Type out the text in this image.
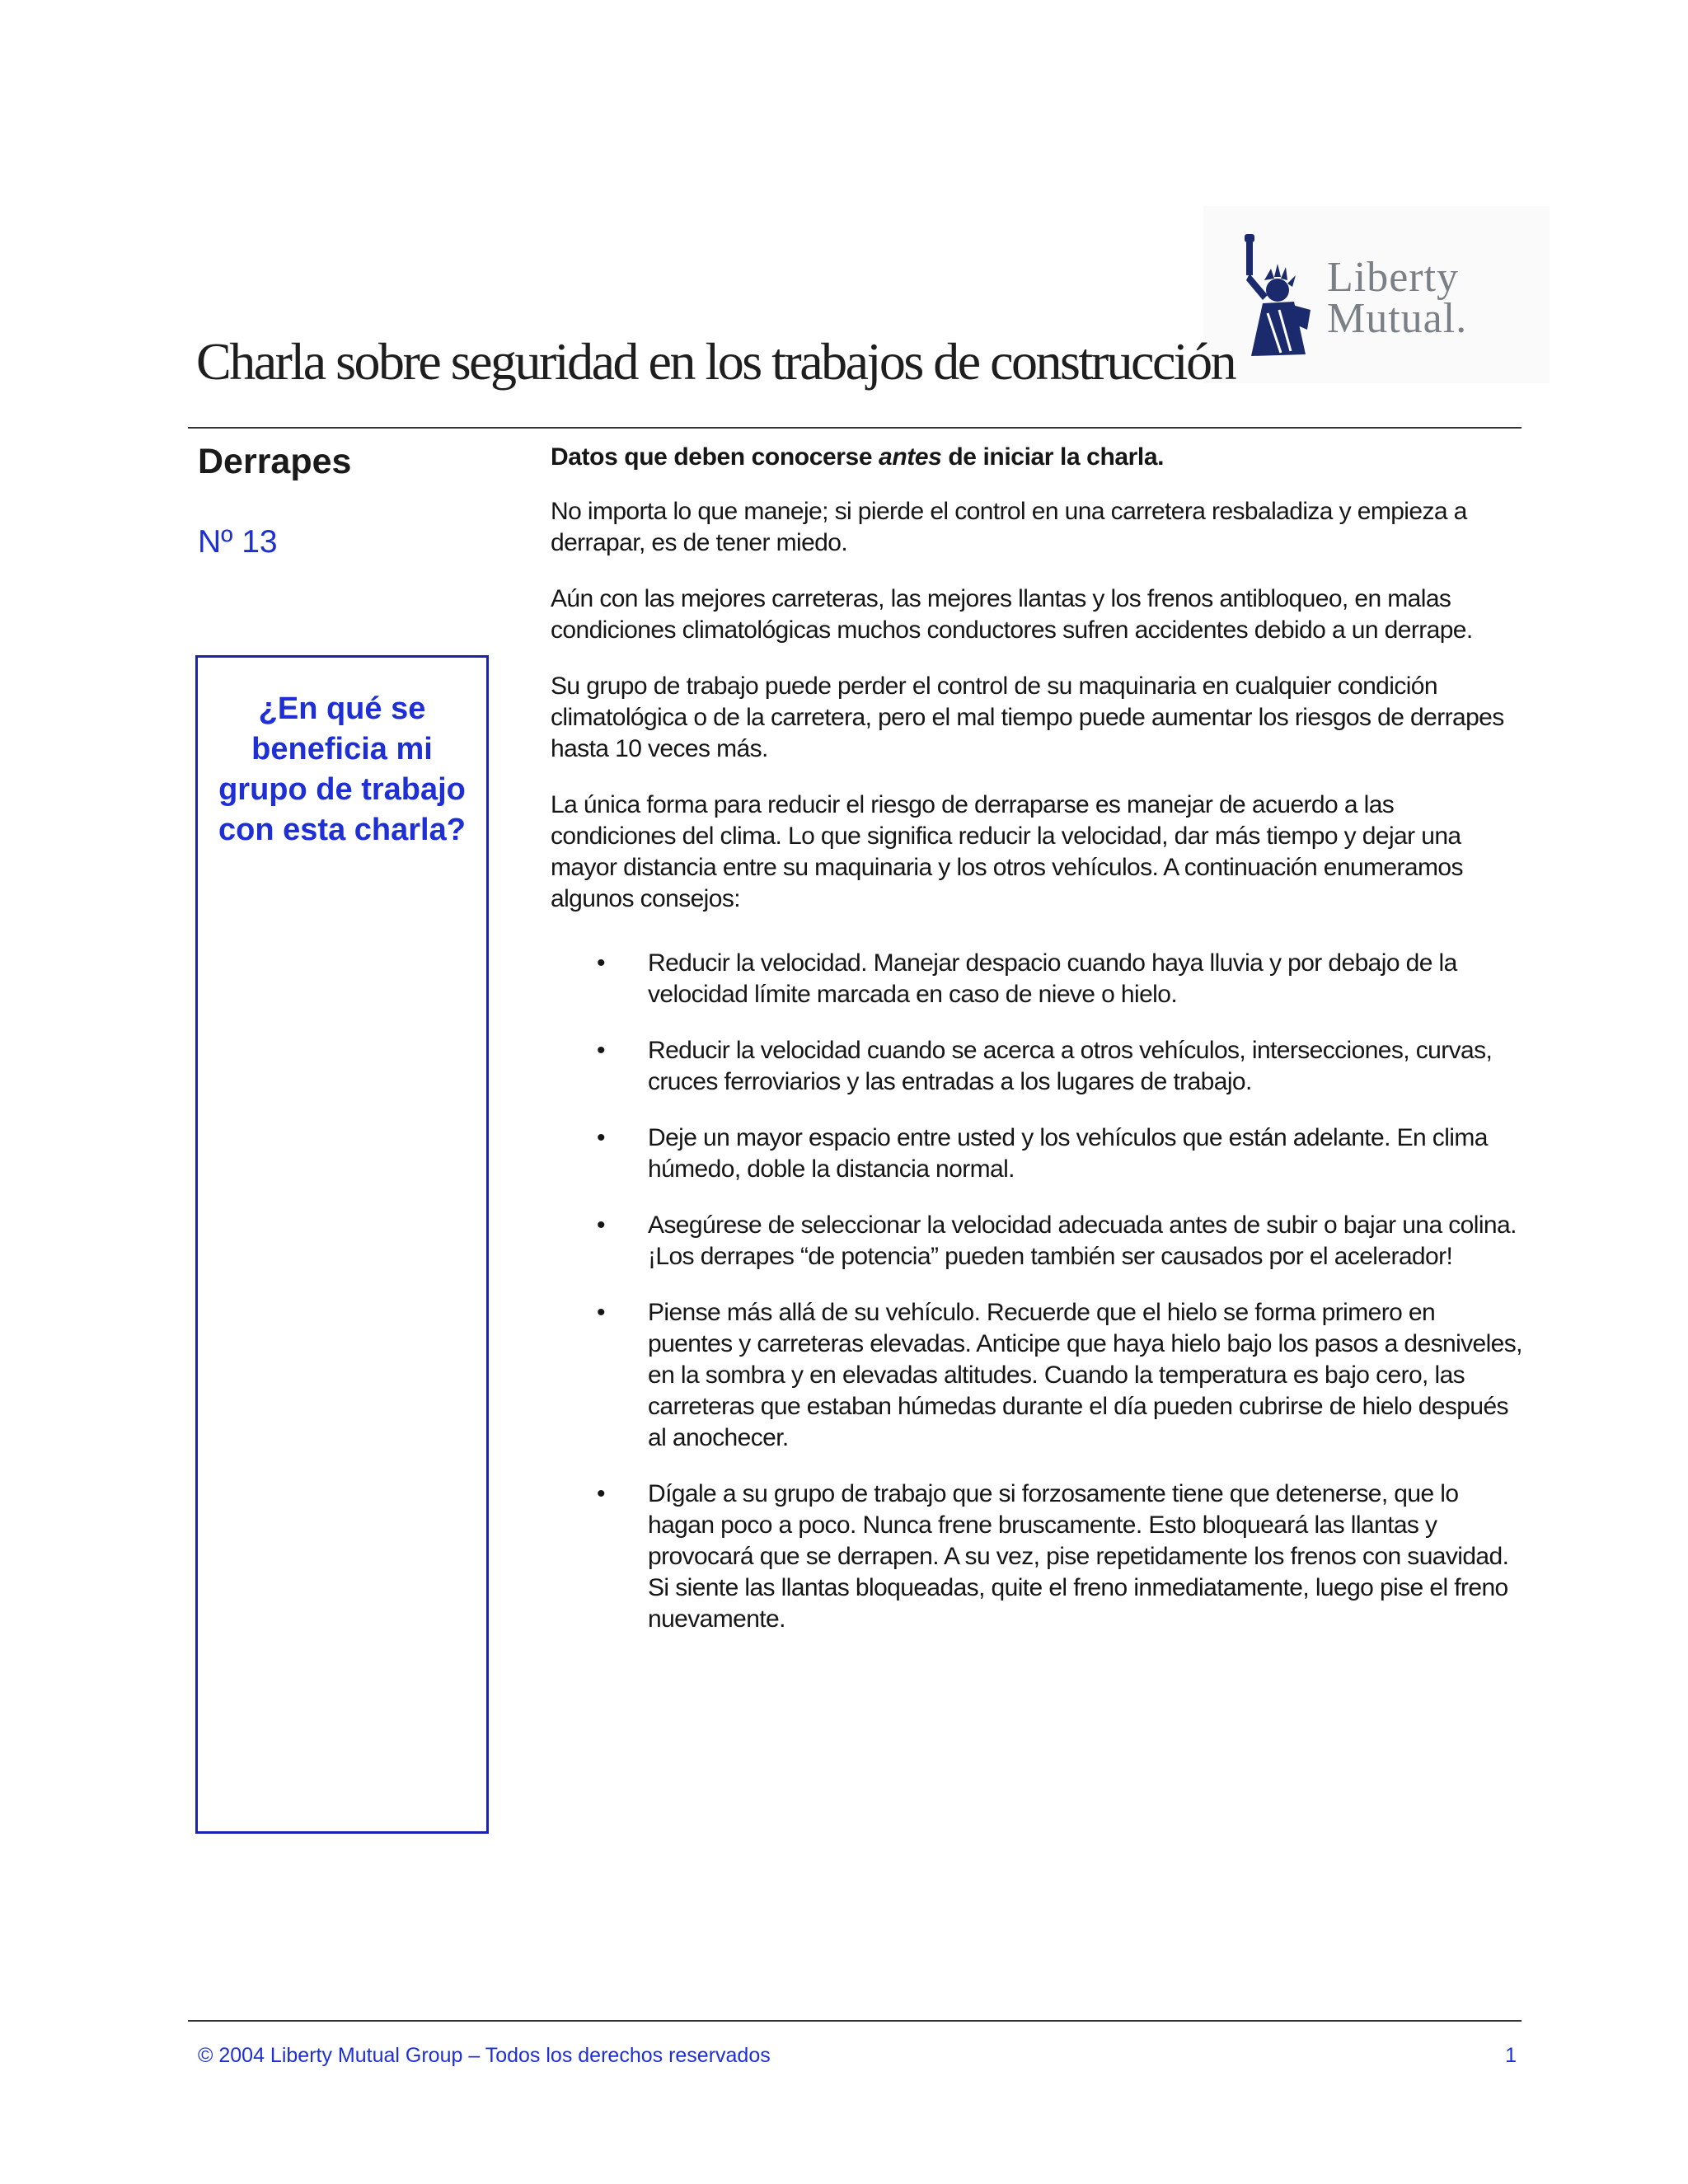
Liberty
Mutual.
Charla sobre seguridad en los trabajos de construcción
Derrapes
Nº 13
¿En qué se beneficia mi grupo de trabajo con esta charla?
Datos que deben conocerse antes de iniciar la charla.

No importa lo que maneje; si pierde el control en una carretera resbaladiza y empieza a derrapar, es de tener miedo.

Aún con las mejores carreteras, las mejores llantas y los frenos antibloqueo, en malas condiciones climatológicas muchos conductores sufren accidentes debido a un derrape.

Su grupo de trabajo puede perder el control de su maquinaria en cualquier condición climatológica o de la carretera, pero el mal tiempo puede aumentar los riesgos de derrapes hasta 10 veces más.

La única forma para reducir el riesgo de derraparse es manejar de acuerdo a las condiciones del clima. Lo que significa reducir la velocidad, dar más tiempo y dejar una mayor distancia entre su maquinaria y los otros vehículos. A continuación enumeramos algunos consejos:

• Reducir la velocidad. Manejar despacio cuando haya lluvia y por debajo de la velocidad límite marcada en caso de nieve o hielo.
• Reducir la velocidad cuando se acerca a otros vehículos, intersecciones, curvas, cruces ferroviarios y las entradas a los lugares de trabajo.
• Deje un mayor espacio entre usted y los vehículos que están adelante. En clima húmedo, doble la distancia normal.
• Asegúrese de seleccionar la velocidad adecuada antes de subir o bajar una colina. ¡Los derrapes “de potencia” pueden también ser causados por el acelerador!
• Piense más allá de su vehículo. Recuerde que el hielo se forma primero en puentes y carreteras elevadas. Anticipe que haya hielo bajo los pasos a desniveles, en la sombra y en elevadas altitudes. Cuando la temperatura es bajo cero, las carreteras que estaban húmedas durante el día pueden cubrirse de hielo después al anochecer.
• Dígale a su grupo de trabajo que si forzosamente tiene que detenerse, que lo hagan poco a poco. Nunca frene bruscamente. Esto bloqueará las llantas y provocará que se derrapen. A su vez, pise repetidamente los frenos con suavidad. Si siente las llantas bloqueadas, quite el freno inmediatamente, luego pise el freno nuevamente.
© 2004 Liberty Mutual Group – Todos los derechos reservados	1
